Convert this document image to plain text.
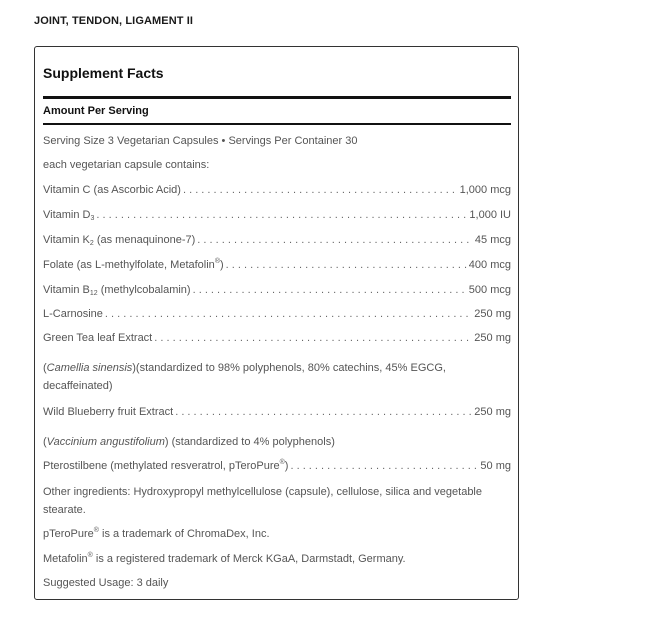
JOINT, TENDON, LIGAMENT II
Supplement Facts
Amount Per Serving
Serving Size 3 Vegetarian Capsules • Servings Per Container 30
each vegetarian capsule contains:
Vitamin C (as Ascorbic Acid) . . .	1,000 mcg
Vitamin $D_3$ . . .	1,000 IU
Vitamin $K_2$ (as menaquinone-7) . . .	45 mcg
Folate (as L-methylfolate, Metafolin®) . . .	400 mcg
Vitamin $B_{12}$ (methylcobalamin) . . .	500 mcg
L-Carnosine . . .	250 mg
Green Tea leaf Extract . . .	250 mg
(Camellia sinensis)(standardized to 98% polyphenols, 80% catechins, 45% EGCG, decaffeinated)
Wild Blueberry fruit Extract . . .	250 mg
(Vaccinium angustifolium) (standardized to 4% polyphenols)
Pterostilbene (methylated resveratrol, pTeroPure®) . . .	50 mg
Other ingredients: Hydroxypropyl methylcellulose (capsule), cellulose, silica and vegetable stearate.
pTeroPure® is a trademark of ChromaDex, Inc.
Metafolin® is a registered trademark of Merck KGaA, Darmstadt, Germany.
Suggested Usage: 3 daily
